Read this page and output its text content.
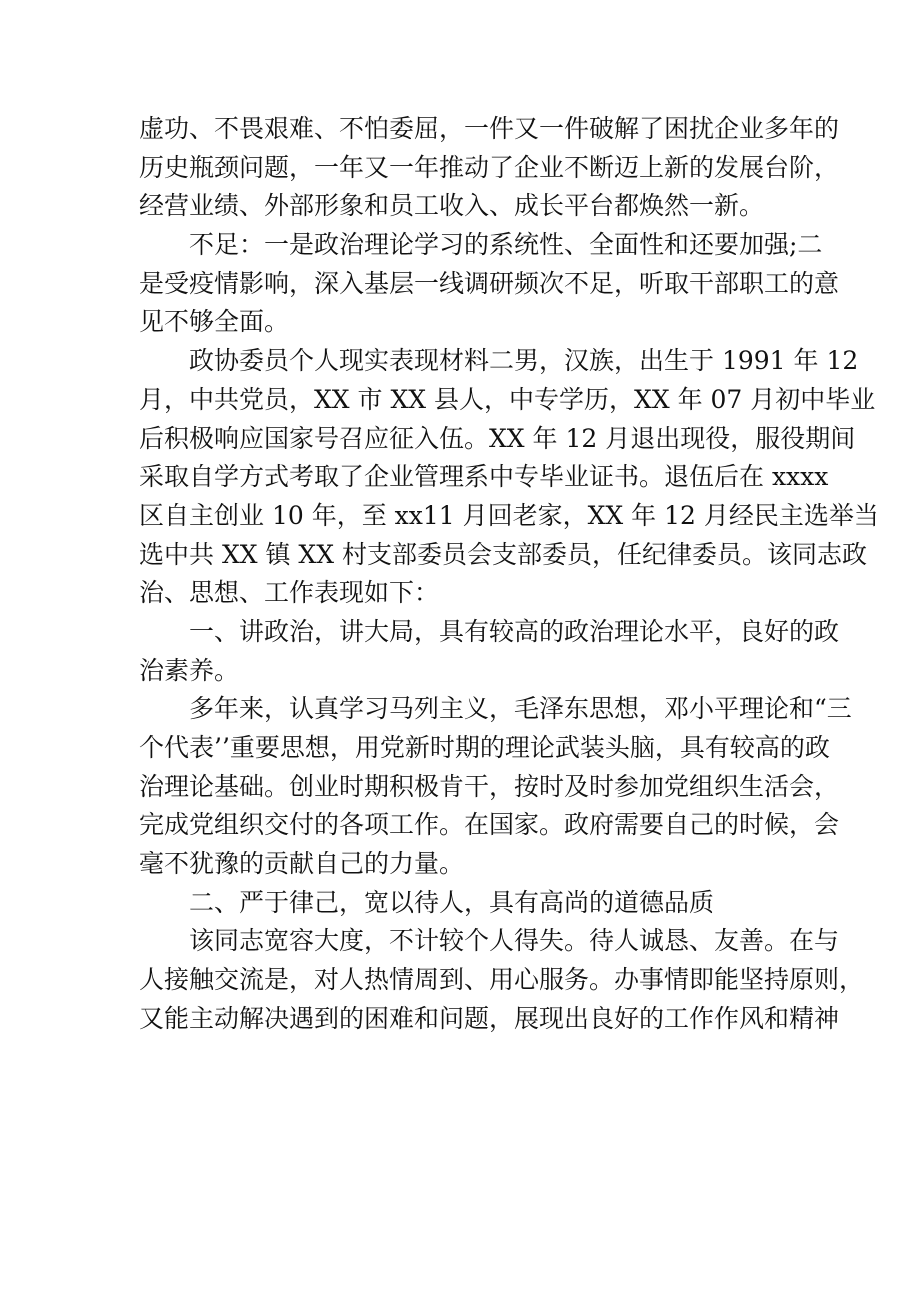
虚功、不畏艰难、不怕委屈，一件又一件破解了困扰企业多年的
历史瓶颈问题，一年又一年推动了企业不断迈上新的发展台阶，
经营业绩、外部形象和员工收入、成长平台都焕然一新。
不足：一是政治理论学习的系统性、全面性和还要加强;二
是受疫情影响，深入基层一线调研频次不足，听取干部职工的意
见不够全面。
政协委员个人现实表现材料二男，汉族，出生于 1991 年 12
月，中共党员，XX 市 XX 县人，中专学历，XX 年 07 月初中毕业
后积极响应国家号召应征入伍。XX 年 12 月退出现役，服役期间
采取自学方式考取了企业管理系中专毕业证书。退伍后在 xxxx
区自主创业 10 年，至 xx11 月回老家，XX 年 12 月经民主选举当
选中共 XX 镇 XX 村支部委员会支部委员，任纪律委员。该同志政
治、思想、工作表现如下：
一、讲政治，讲大局，具有较高的政治理论水平，良好的政
治素养。
多年来，认真学习马列主义，毛泽东思想，邓小平理论和“三
个代表’’重要思想，用党新时期的理论武装头脑，具有较高的政
治理论基础。创业时期积极肯干，按时及时参加党组织生活会，
完成党组织交付的各项工作。在国家。政府需要自己的时候，会
毫不犹豫的贡献自己的力量。
二、严于律己，宽以待人，具有高尚的道德品质
该同志宽容大度，不计较个人得失。待人诚恳、友善。在与
人接触交流是，对人热情周到、用心服务。办事情即能坚持原则，
又能主动解决遇到的困难和问题，展现出良好的工作作风和精神
